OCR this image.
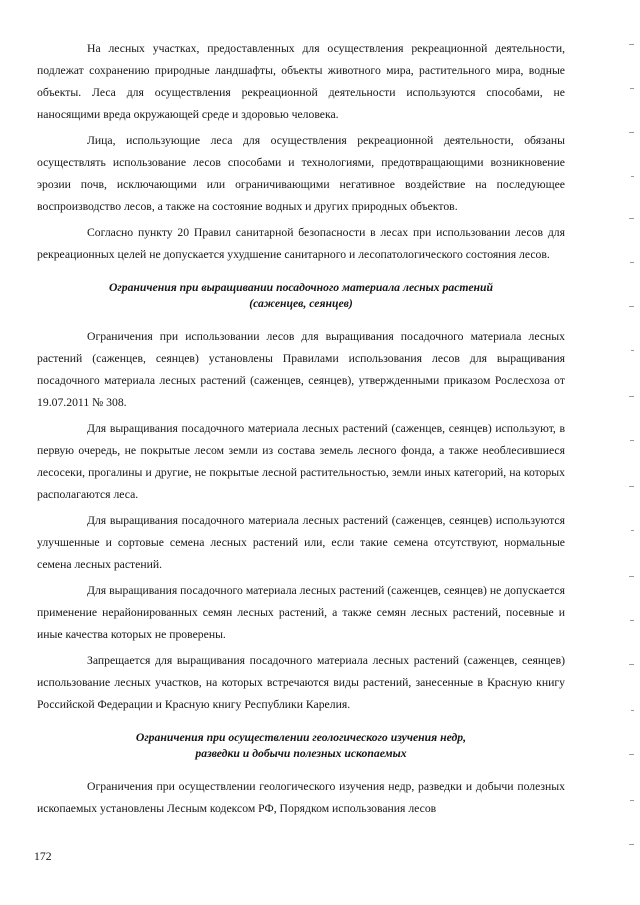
На лесных участках, предоставленных для осуществления рекреационной деятельности, подлежат сохранению природные ландшафты, объекты животного мира, растительного мира, водные объекты. Леса для осуществления рекреационной деятельности используются способами, не наносящими вреда окружающей среде и здоровью человека.

Лица, использующие леса для осуществления рекреационной деятельности, обязаны осуществлять использование лесов способами и технологиями, предотвращающими возникновение эрозии почв, исключающими или ограничивающими негативное воздействие на последующее воспроизводство лесов, а также на состояние водных и других природных объектов.

Согласно пункту 20 Правил санитарной безопасности в лесах при использовании лесов для рекреационных целей не допускается ухудшение санитарного и лесопатологического состояния лесов.

Ограничения при выращивании посадочного материала лесных растений
(саженцев, сеянцев)

Ограничения при использовании лесов для выращивания посадочного материала лесных растений (саженцев, сеянцев) установлены Правилами использования лесов для выращивания посадочного материала лесных растений (саженцев, сеянцев), утвержденными приказом Рослесхоза от 19.07.2011 № 308.

Для выращивания посадочного материала лесных растений (саженцев, сеянцев) используют, в первую очередь, не покрытые лесом земли из состава земель лесного фонда, а также необлесившиеся лесосеки, прогалины и другие, не покрытые лесной растительностью, земли иных категорий, на которых располагаются леса.

Для выращивания посадочного материала лесных растений (саженцев, сеянцев) используются улучшенные и сортовые семена лесных растений или, если такие семена отсутствуют, нормальные семена лесных растений.

Для выращивания посадочного материала лесных растений (саженцев, сеянцев) не допускается применение нерайонированных семян лесных растений, а также семян лесных растений, посевные и иные качества которых не проверены.

Запрещается для выращивания посадочного материала лесных растений (саженцев, сеянцев) использование лесных участков, на которых встречаются виды растений, занесенные в Красную книгу Российской Федерации и Красную книгу Республики Карелия.

Ограничения при осуществлении геологического изучения недр,
разведки и добычи полезных ископаемых

Ограничения при осуществлении геологического изучения недр, разведки и добычи полезных ископаемых установлены Лесным кодексом РФ, Порядком использования лесов

172
